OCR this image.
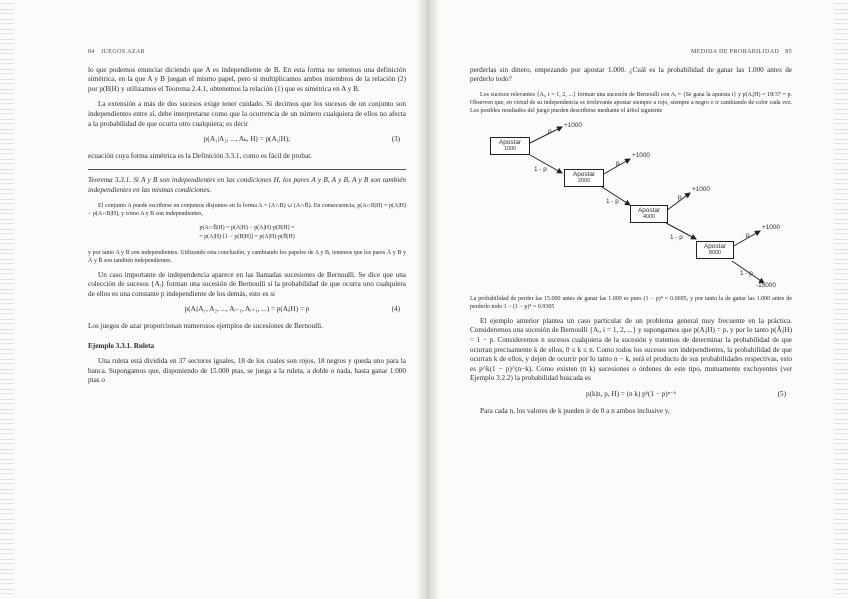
84 JUEGOS AZAR

lo que podemos enunciar diciendo que A es independiente de B. En esta forma no tenemos una definición simétrica, en la que A y B juegan el mismo papel, pero si multiplicamos ambos miembros de la relación (2) por p(B|H) y utilizamos el Teorema 2.4.1, obtenemos la relación (1) que es simétrica en A y B.

La extensión a más de dos sucesos exige tener cuidado. Si decimos que los sucesos de un conjunto son independientes entre sí, debe interpretarse como que la ocurrencia de un número cualquiera de ellos no afecta a la probabilidad de que ocurra otro cualquiera; es decir

p(A₁|A₂, ..., Aₖ, H) = p(A₁|H);	(3)

ecuación cuya forma simétrica es la Definición 3.3.1, como es fácil de probar.

Teorema 3.3.1. Si A y B son independientes en las condiciones H, los pares A y B, A y B, A y B son también independientes en las mismas condiciones.

El conjunto A puede escribirse en conjuntos disjuntos en la forma A = (A∩B) ∪ (A∩B̄). En consecuencia, p(A∩B|H) = p(A|H) − p(A∩B|H), y como A y B son independientes,

p(A∩B̄|H) = p(A|H) − p(A|H)·p(B|H) =
= p(A|H)·[1 − p(B|H)] = p(A|H)·p(B̄|H)

y por tanto A y B son independientes. Utilizando esta conclusión, y cambiando los papeles de A y B, tenemos que los pares Ā y B y Ā y B̄ son también independientes.

Un caso importante de independencia aparece en las llamadas sucesiones de Bernoulli. Se dice que una colección de sucesos {Aᵢ} forman una sucesión de Bernoulli si la probabilidad de que ocurra uno cualquiera de ellos es una constante p independiente de los demás, esto es si

p(Aᵢ|A₁, A₂, ..., Aᵢ₋₁, Aᵢ₊₁, ...) = p(Aᵢ|H) = p	(4)

Los juegos de azar proporcionan numerosos ejemplos de sucesiones de Bernoulli.

Ejemplo 3.3.1. Ruleta

Una ruleta está dividida en 37 sectores iguales, 18 de los cuales son rojos, 18 negros y queda uno para la banca. Supongamos que, disponiendo de 15.000 ptas, se juega a la ruleta, a doble o nada, hasta ganar 1.000 ptas o

MEDIDA DE PROBABILIDAD 85

perderlas sin dinero, empezando por apostar 1.000. ¿Cuál es la probabilidad de ganar las 1.000 antes de perderlo todo?

Los sucesos relevantes {Aᵢ, i = 1, 2, ...} forman una sucesión de Bernoulli con Aᵢ = {Se gana la apuesta i} y p(Aᵢ|H) = 18/37 = p. Observen que, en virtud de su independencia es irrelevante apostar siempre a rojo, siempre a negro o ir cambiando de color cada vez. Los posibles resultados del juego pueden describirse mediante el árbol siguiente

Apostar
1000
Apostar
2000
Apostar
4000
Apostar
8000
p
+1000
1 - p
p
+1000
1 - p
p
+1000
1 - p	p
+1000
1 - p
-15000

La probabilidad de perder las 15.000 antes de ganar las 1.000 es pues (1 − p)⁴ = 0.0695, y por tanto la de ganar las 1.000 antes de perderlo todo 1 − (1 − p)⁴ = 0.9305

El ejemplo anterior plantea un caso particular de un problema general muy frecuente en la práctica. Consideremos una sucesión de Bernoulli {Aᵢ, i = 1, 2, ...} y supongamos que p(Aᵢ|H) = p, y por lo tanto p(Āᵢ|H) = 1 − p. Consideremos n sucesos cualquiera de la sucesión y tratemos de determinar la probabilidad de que ocurran precisamente k de ellos, 0 ≤ k ≤ n. Como todos los sucesos son independientes, la probabilidad de que ocurran k de ellos, y dejen de ocurrir por lo tanto n − k, será el producto de sus probabilidades respectivas, esto es p^k(1 − p)^(n−k). Como existen (n k) sucesiones o órdenes de este tipo, mutuamente excluyentes (ver Ejemplo 3.2.2) la probabilidad buscada es

p(k|n, p, H) = (n k) pᵏ(1 − p)ⁿ⁻ᵏ	(5)

Para cada n, los valores de k pueden ir de 0 a n ambos inclusive y,
